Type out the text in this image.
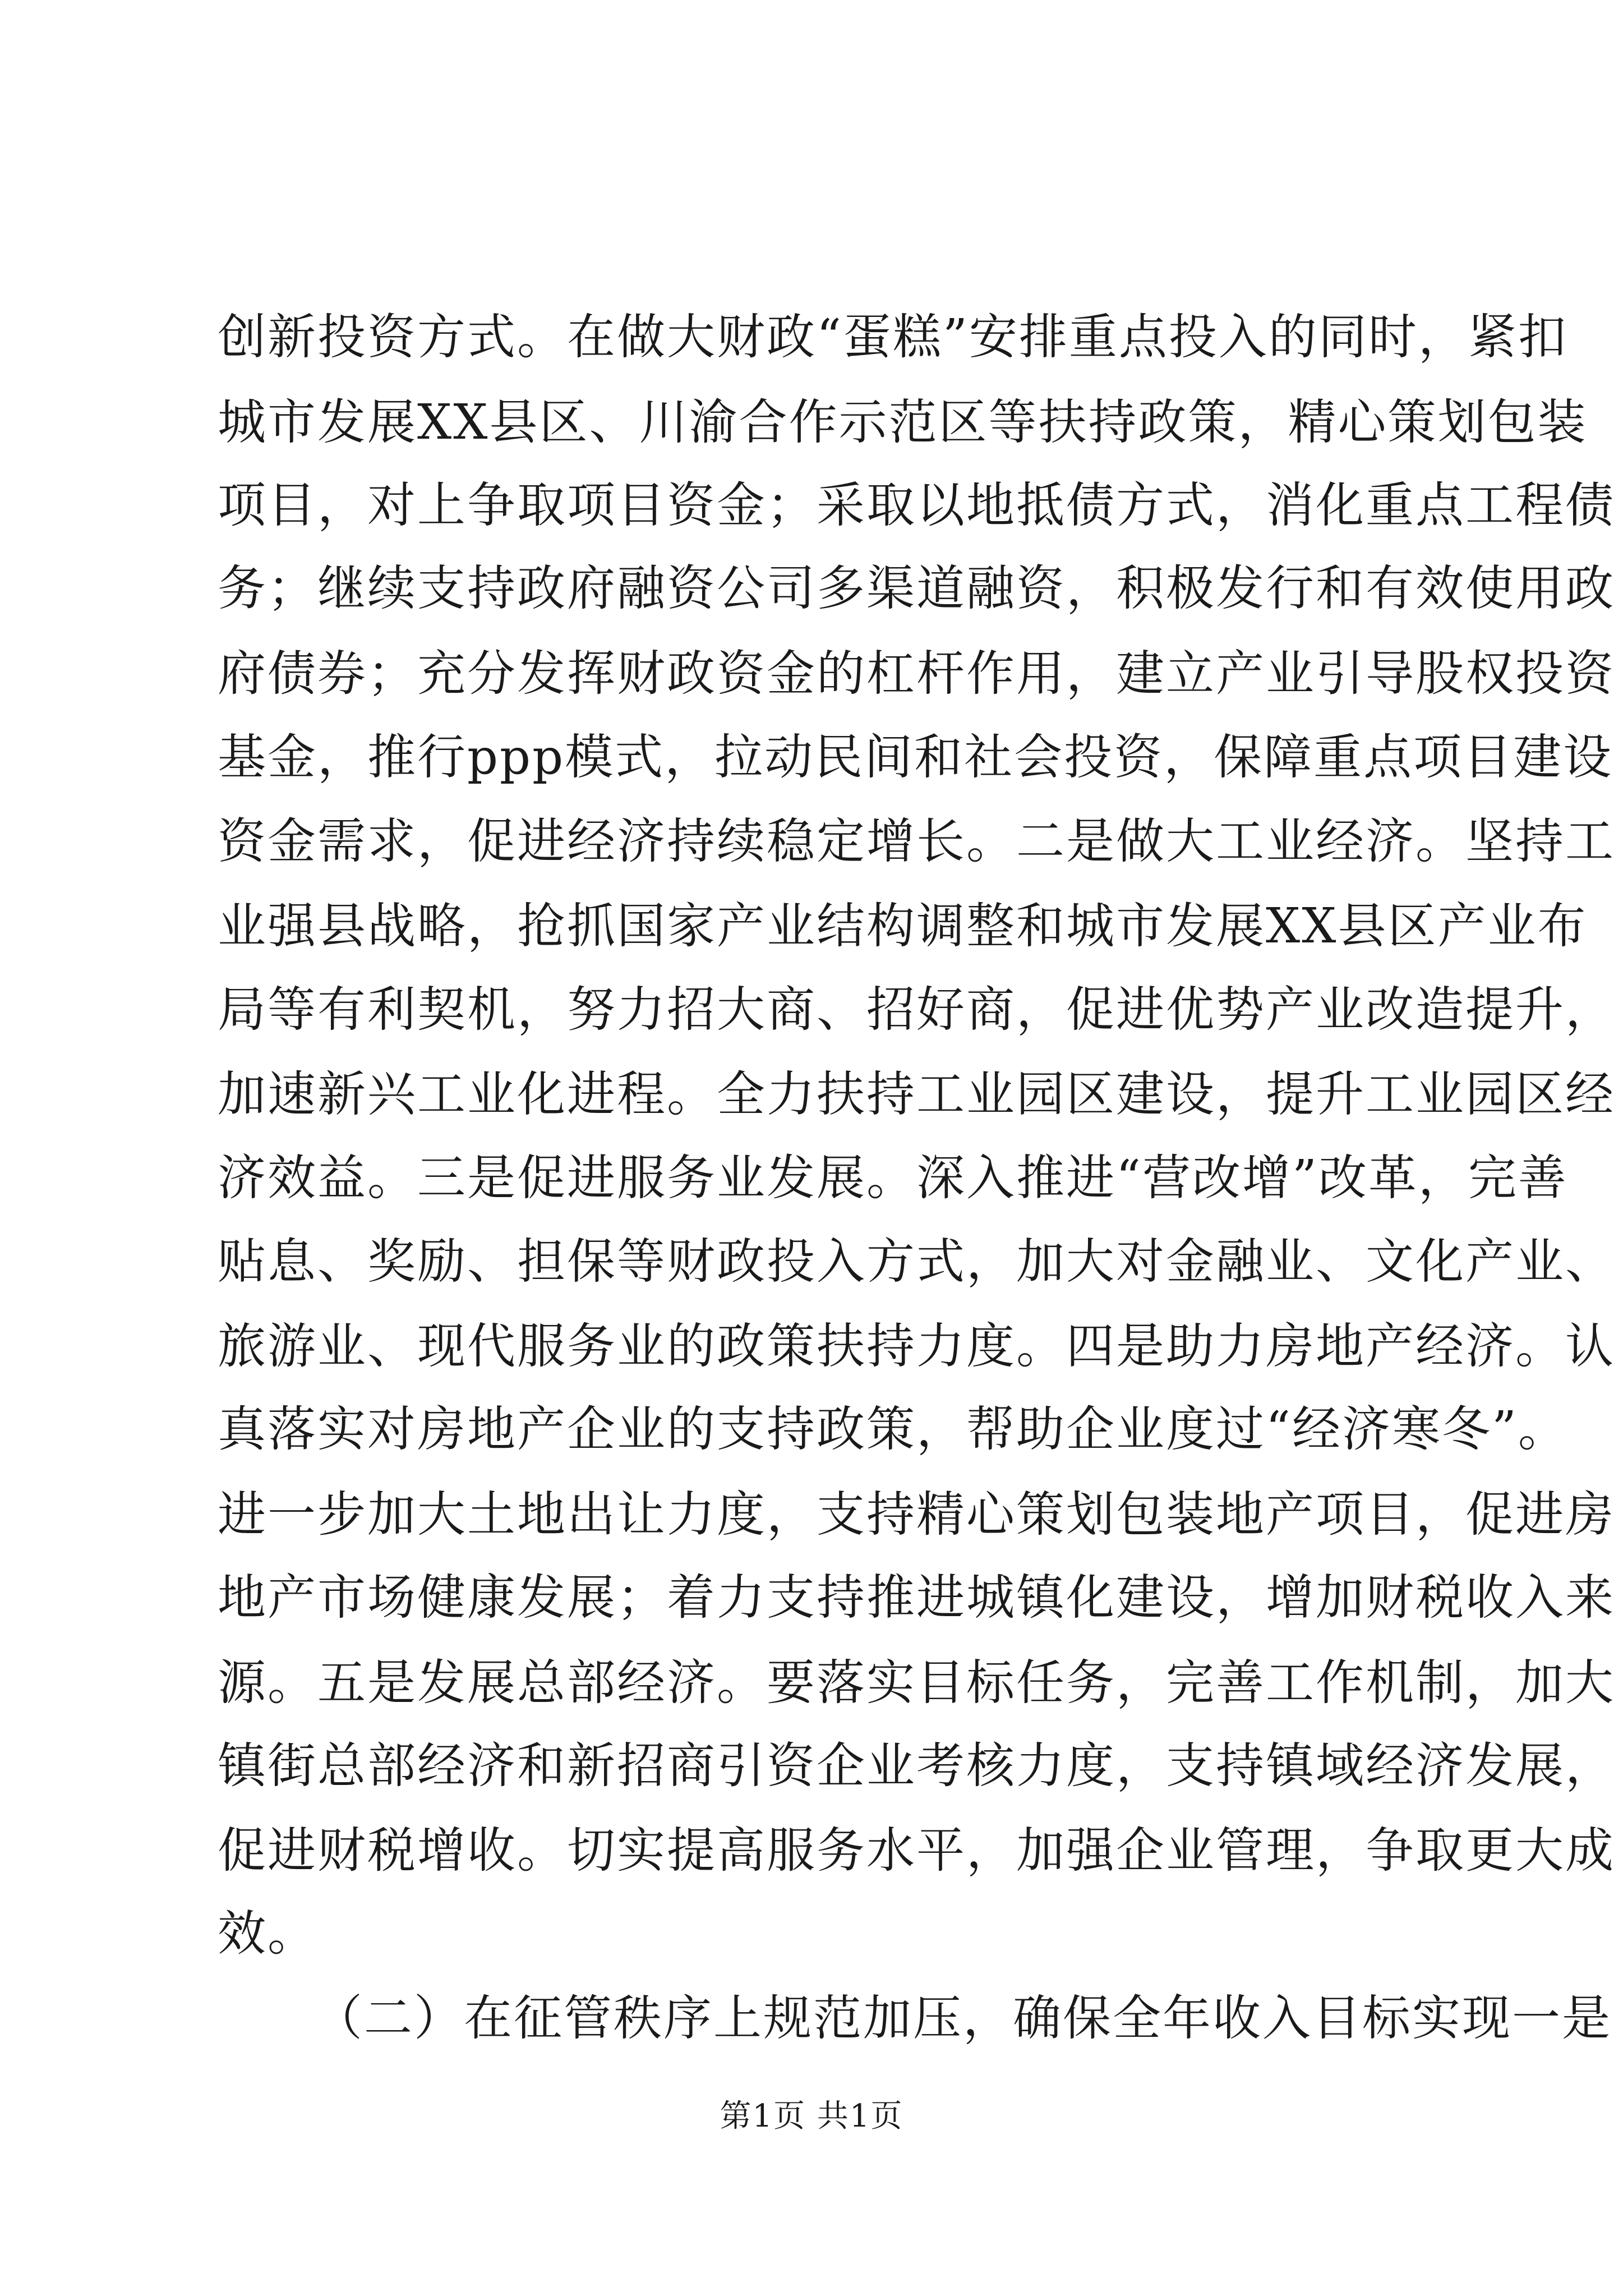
创新投资方式。在做大财政“蛋糕”安排重点投入的同时，紧扣
城市发展XX县区、川渝合作示范区等扶持政策，精心策划包装
项目，对上争取项目资金；采取以地抵债方式，消化重点工程债
务；继续支持政府融资公司多渠道融资，积极发行和有效使用政
府债券；充分发挥财政资金的杠杆作用，建立产业引导股权投资
基金，推行ppp模式，拉动民间和社会投资，保障重点项目建设
资金需求，促进经济持续稳定增长。二是做大工业经济。坚持工
业强县战略，抢抓国家产业结构调整和城市发展XX县区产业布
局等有利契机，努力招大商、招好商，促进优势产业改造提升，
加速新兴工业化进程。全力扶持工业园区建设，提升工业园区经
济效益。三是促进服务业发展。深入推进“营改增”改革，完善
贴息、奖励、担保等财政投入方式，加大对金融业、文化产业、
旅游业、现代服务业的政策扶持力度。四是助力房地产经济。认
真落实对房地产企业的支持政策，帮助企业度过“经济寒冬”。
进一步加大土地出让力度，支持精心策划包装地产项目，促进房
地产市场健康发展；着力支持推进城镇化建设，增加财税收入来
源。五是发展总部经济。要落实目标任务，完善工作机制，加大
镇街总部经济和新招商引资企业考核力度，支持镇域经济发展，
促进财税增收。切实提高服务水平，加强企业管理，争取更大成
效。
（二）在征管秩序上规范加压，确保全年收入目标实现一是
第1页 共1页
